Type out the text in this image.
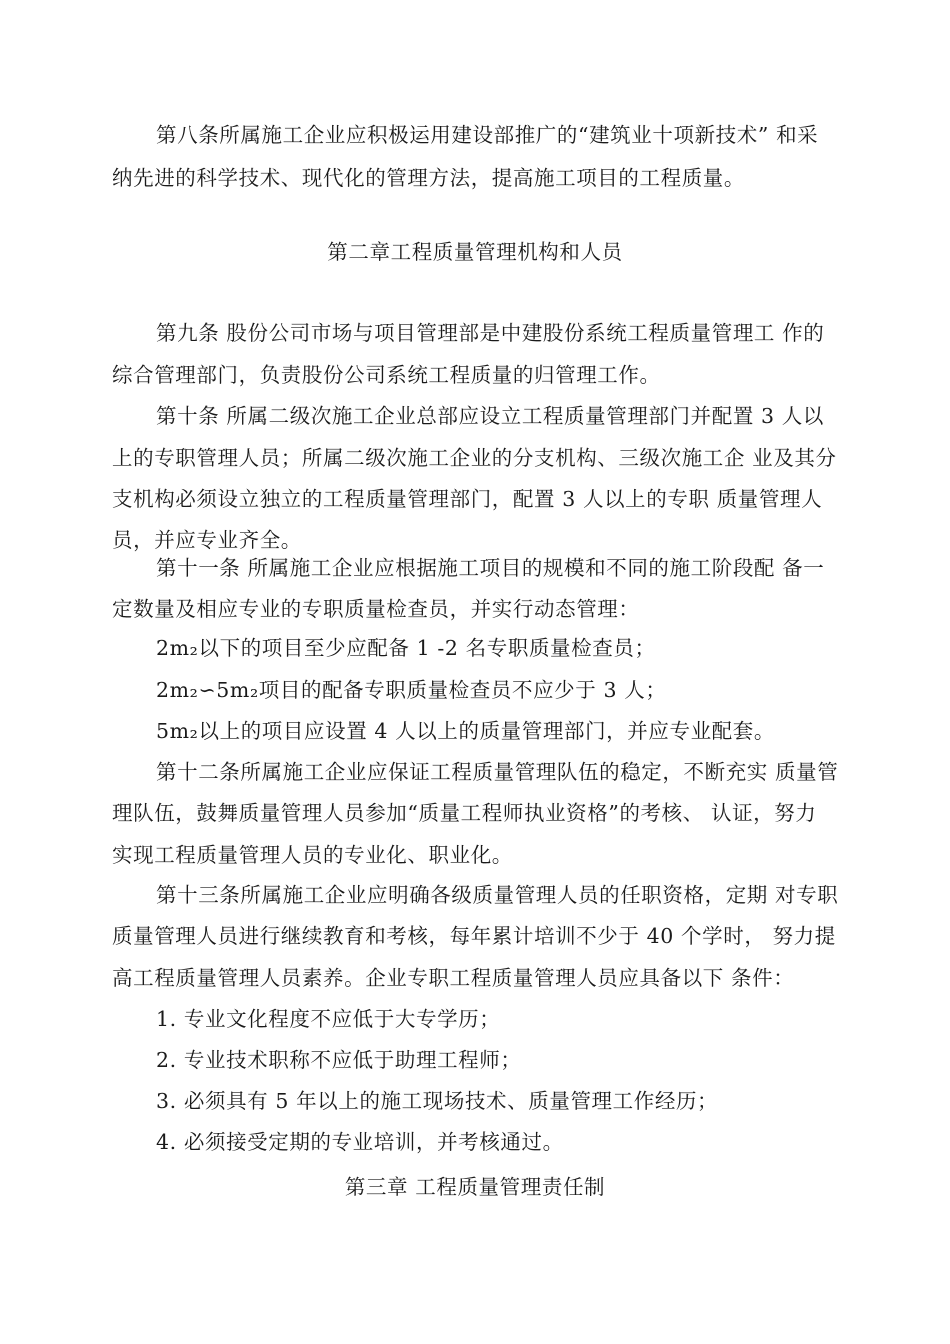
第八条所属施工企业应积极运用建设部推广的“建筑业十项新技术” 和采
纳先进的科学技术、现代化的管理方法，提高施工项目的工程质量。
第二章工程质量管理机构和人员
第九条 股份公司市场与项目管理部是中建股份系统工程质量管理工 作的
综合管理部门，负责股份公司系统工程质量的归管理工作。
第十条 所属二级次施工企业总部应设立工程质量管理部门并配置 3 人以
上的专职管理人员；所属二级次施工企业的分支机构、三级次施工企 业及其分
支机构必须设立独立的工程质量管理部门，配置 3 人以上的专职 质量管理人
员，并应专业齐全。
第十一条 所属施工企业应根据施工项目的规模和不同的施工阶段配 备一
定数量及相应专业的专职质量检查员，并实行动态管理：
2m₂以下的项目至少应配备 1 -2 名专职质量检查员；
2m₂∽5m₂项目的配备专职质量检查员不应少于 3 人；
5m₂以上的项目应设置 4 人以上的质量管理部门，并应专业配套。
第十二条所属施工企业应保证工程质量管理队伍的稳定，不断充实 质量管
理队伍，鼓舞质量管理人员参加“质量工程师执业资格”的考核、 认证，努力
实现工程质量管理人员的专业化、职业化。
第十三条所属施工企业应明确各级质量管理人员的任职资格，定期 对专职
质量管理人员进行继续教育和考核，每年累计培训不少于 40 个学时， 努力提
高工程质量管理人员素养。企业专职工程质量管理人员应具备以下 条件：
1. 专业文化程度不应低于大专学历；
2. 专业技术职称不应低于助理工程师；
3. 必须具有 5 年以上的施工现场技术、质量管理工作经历；
4. 必须接受定期的专业培训，并考核通过。
第三章 工程质量管理责任制
